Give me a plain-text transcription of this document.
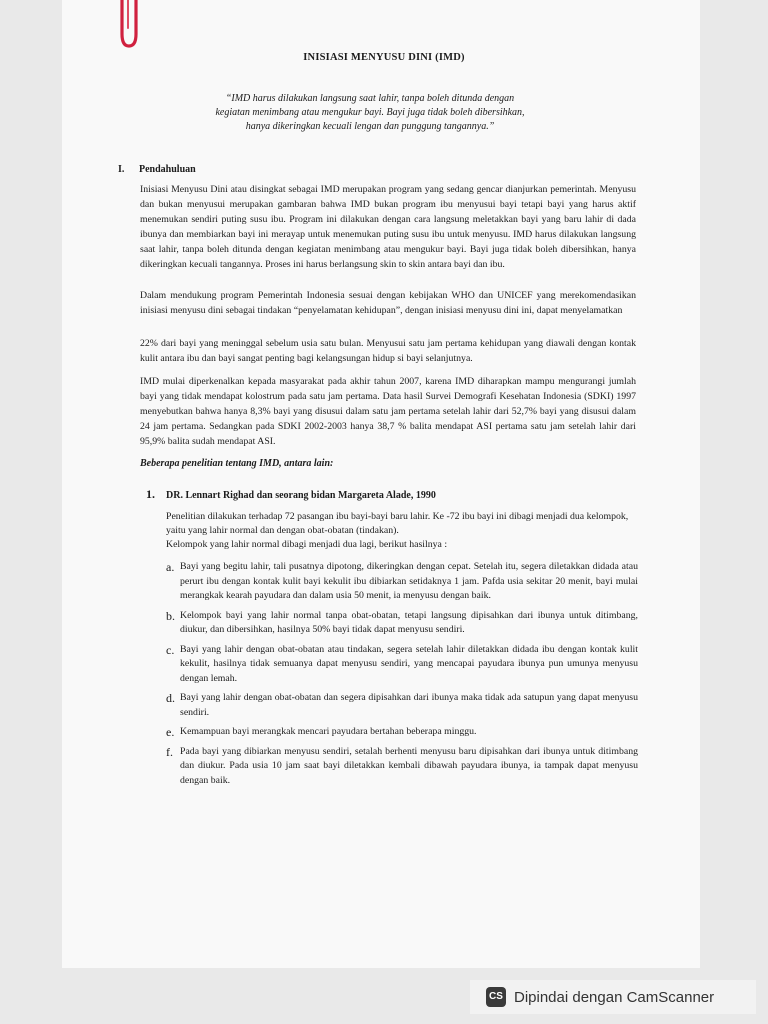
INISIASI MENYUSU DINI (IMD)
“IMD harus dilakukan langsung saat lahir, tanpa boleh ditunda dengan
kegiatan menimbang atau mengukur bayi. Bayi juga tidak boleh dibersihkan,
hanya dikeringkan kecuali lengan dan punggung tangannya.”
I. Pendahuluan
Inisiasi Menyusu Dini atau disingkat sebagai IMD merupakan program yang sedang gencar dianjurkan pemerintah. Menyusu dan bukan menyusui merupakan gambaran bahwa IMD bukan program ibu menyusui bayi tetapi bayi yang harus aktif menemukan sendiri puting susu ibu. Program ini dilakukan dengan cara langsung meletakkan bayi yang baru lahir di dada ibunya dan membiarkan bayi ini merayap untuk menemukan puting susu ibu untuk menyusu. IMD harus dilakukan langsung saat lahir, tanpa boleh ditunda dengan kegiatan menimbang atau mengukur bayi. Bayi juga tidak boleh dibersihkan, hanya dikeringkan kecuali tangannya. Proses ini harus berlangsung skin to skin antara bayi dan ibu.
Dalam mendukung program Pemerintah Indonesia sesuai dengan kebijakan WHO dan UNICEF yang merekomendasikan inisiasi menyusu dini sebagai tindakan “penyelamatan kehidupan”, dengan inisiasi menyusu dini ini, dapat menyelamatkan
22% dari bayi yang meninggal sebelum usia satu bulan. Menyusui satu jam pertama kehidupan yang diawali dengan kontak kulit antara ibu dan bayi sangat penting bagi kelangsungan hidup si bayi selanjutnya.
IMD mulai diperkenalkan kepada masyarakat pada akhir tahun 2007, karena IMD diharapkan mampu mengurangi jumlah bayi yang tidak mendapat kolostrum pada satu jam pertama. Data hasil Survei Demografi Kesehatan Indonesia (SDKI) 1997 menyebutkan bahwa hanya 8,3% bayi yang disusui dalam satu jam pertama setelah lahir dari 52,7% bayi yang disusui dalam 24 jam pertama. Sedangkan pada SDKI 2002-2003 hanya 38,7 % balita mendapat ASI pertama satu jam setelah lahir dari 95,9% balita sudah mendapat ASI.
Beberapa penelitian tentang IMD, antara lain:
1. DR. Lennart Righad dan seorang bidan Margareta Alade, 1990
Penelitian dilakukan terhadap 72 pasangan ibu bayi-bayi baru lahir. Ke -72 ibu bayi ini dibagi menjadi dua kelompok, yaitu yang lahir normal dan dengan obat-obatan (tindakan).
Kelompok yang lahir normal dibagi menjadi dua lagi, berikut hasilnya :
a. Bayi yang begitu lahir, tali pusatnya dipotong, dikeringkan dengan cepat. Setelah itu, segera diletakkan didada atau perurt ibu dengan kontak kulit bayi kekulit ibu dibiarkan setidaknya 1 jam. Pafda usia sekitar 20 menit, bayi mulai merangkak kearah payudara dan dalam usia 50 menit, ia menyusu dengan baik.
b. Kelompok bayi yang lahir normal tanpa obat-obatan, tetapi langsung dipisahkan dari ibunya untuk ditimbang, diukur, dan dibersihkan, hasilnya 50% bayi tidak dapat menyusu sendiri.
c. Bayi yang lahir dengan obat-obatan atau tindakan, segera setelah lahir diletakkan didada ibu dengan kontak kulit kekulit, hasilnya tidak semuanya dapat menyusu sendiri, yang mencapai payudara ibunya pun umunya menyusu dengan lemah.
d. Bayi yang lahir dengan obat-obatan dan segera dipisahkan dari ibunya maka tidak ada satupun yang dapat menyusu sendiri.
e. Kemampuan bayi merangkak mencari payudara bertahan beberapa minggu.
f. Pada bayi yang dibiarkan menyusu sendiri, setalah berhenti menyusu baru dipisahkan dari ibunya untuk ditimbang dan diukur. Pada usia 10 jam saat bayi diletakkan kembali dibawah payudara ibunya, ia tampak dapat menyusu dengan baik.
CS Dipindai dengan CamScanner
